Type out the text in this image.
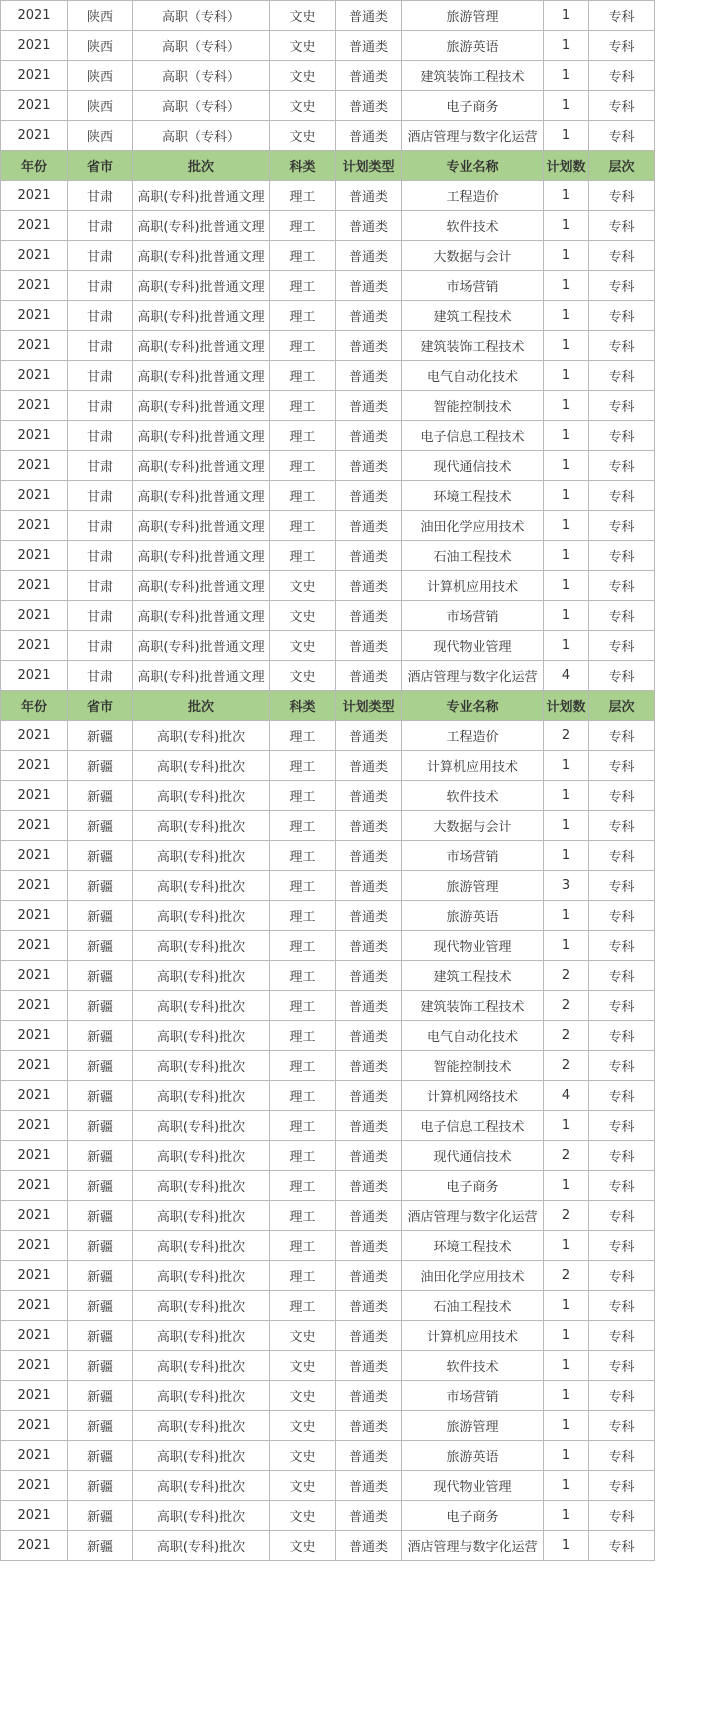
2021	陕西	高职（专科）	文史	普通类	旅游管理	1	专科
2021	陕西	高职（专科）	文史	普通类	旅游英语	1	专科
2021	陕西	高职（专科）	文史	普通类	建筑装饰工程技术	1	专科
2021	陕西	高职（专科）	文史	普通类	电子商务	1	专科
2021	陕西	高职（专科）	文史	普通类	酒店管理与数字化运营	1	专科
年份	省市	批次	科类	计划类型	专业名称	计划数	层次
2021	甘肃	高职(专科)批普通文理	理工	普通类	工程造价	1	专科
2021	甘肃	高职(专科)批普通文理	理工	普通类	软件技术	1	专科
2021	甘肃	高职(专科)批普通文理	理工	普通类	大数据与会计	1	专科
2021	甘肃	高职(专科)批普通文理	理工	普通类	市场营销	1	专科
2021	甘肃	高职(专科)批普通文理	理工	普通类	建筑工程技术	1	专科
2021	甘肃	高职(专科)批普通文理	理工	普通类	建筑装饰工程技术	1	专科
2021	甘肃	高职(专科)批普通文理	理工	普通类	电气自动化技术	1	专科
2021	甘肃	高职(专科)批普通文理	理工	普通类	智能控制技术	1	专科
2021	甘肃	高职(专科)批普通文理	理工	普通类	电子信息工程技术	1	专科
2021	甘肃	高职(专科)批普通文理	理工	普通类	现代通信技术	1	专科
2021	甘肃	高职(专科)批普通文理	理工	普通类	环境工程技术	1	专科
2021	甘肃	高职(专科)批普通文理	理工	普通类	油田化学应用技术	1	专科
2021	甘肃	高职(专科)批普通文理	理工	普通类	石油工程技术	1	专科
2021	甘肃	高职(专科)批普通文理	文史	普通类	计算机应用技术	1	专科
2021	甘肃	高职(专科)批普通文理	文史	普通类	市场营销	1	专科
2021	甘肃	高职(专科)批普通文理	文史	普通类	现代物业管理	1	专科
2021	甘肃	高职(专科)批普通文理	文史	普通类	酒店管理与数字化运营	4	专科
年份	省市	批次	科类	计划类型	专业名称	计划数	层次
2021	新疆	高职(专科)批次	理工	普通类	工程造价	2	专科
2021	新疆	高职(专科)批次	理工	普通类	计算机应用技术	1	专科
2021	新疆	高职(专科)批次	理工	普通类	软件技术	1	专科
2021	新疆	高职(专科)批次	理工	普通类	大数据与会计	1	专科
2021	新疆	高职(专科)批次	理工	普通类	市场营销	1	专科
2021	新疆	高职(专科)批次	理工	普通类	旅游管理	3	专科
2021	新疆	高职(专科)批次	理工	普通类	旅游英语	1	专科
2021	新疆	高职(专科)批次	理工	普通类	现代物业管理	1	专科
2021	新疆	高职(专科)批次	理工	普通类	建筑工程技术	2	专科
2021	新疆	高职(专科)批次	理工	普通类	建筑装饰工程技术	2	专科
2021	新疆	高职(专科)批次	理工	普通类	电气自动化技术	2	专科
2021	新疆	高职(专科)批次	理工	普通类	智能控制技术	2	专科
2021	新疆	高职(专科)批次	理工	普通类	计算机网络技术	4	专科
2021	新疆	高职(专科)批次	理工	普通类	电子信息工程技术	1	专科
2021	新疆	高职(专科)批次	理工	普通类	现代通信技术	2	专科
2021	新疆	高职(专科)批次	理工	普通类	电子商务	1	专科
2021	新疆	高职(专科)批次	理工	普通类	酒店管理与数字化运营	2	专科
2021	新疆	高职(专科)批次	理工	普通类	环境工程技术	1	专科
2021	新疆	高职(专科)批次	理工	普通类	油田化学应用技术	2	专科
2021	新疆	高职(专科)批次	理工	普通类	石油工程技术	1	专科
2021	新疆	高职(专科)批次	文史	普通类	计算机应用技术	1	专科
2021	新疆	高职(专科)批次	文史	普通类	软件技术	1	专科
2021	新疆	高职(专科)批次	文史	普通类	市场营销	1	专科
2021	新疆	高职(专科)批次	文史	普通类	旅游管理	1	专科
2021	新疆	高职(专科)批次	文史	普通类	旅游英语	1	专科
2021	新疆	高职(专科)批次	文史	普通类	现代物业管理	1	专科
2021	新疆	高职(专科)批次	文史	普通类	电子商务	1	专科
2021	新疆	高职(专科)批次	文史	普通类	酒店管理与数字化运营	1	专科
